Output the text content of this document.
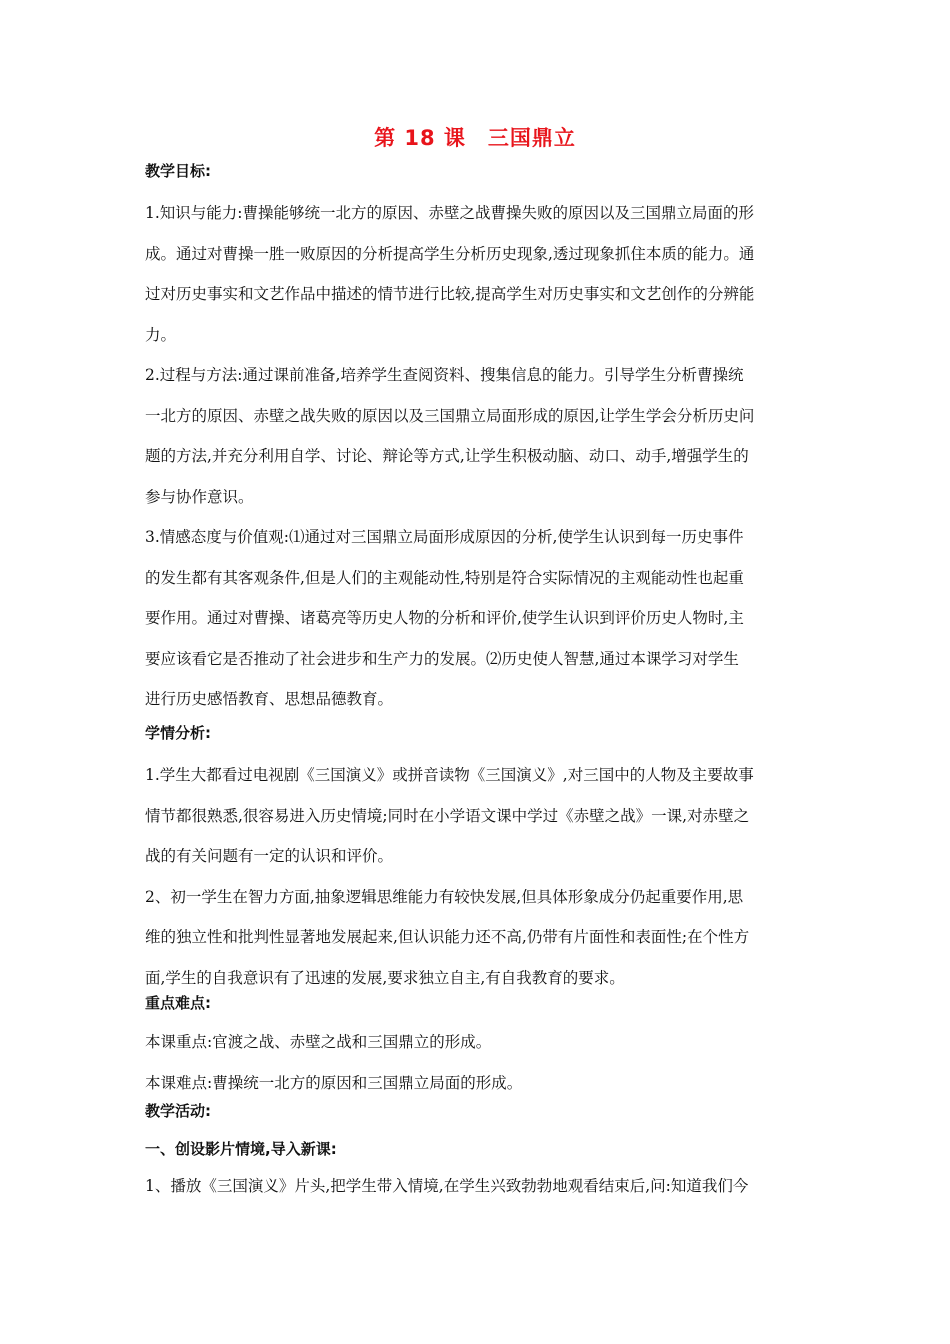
第 18 课 三国鼎立
教学目标:
1.知识与能力:曹操能够统一北方的原因、赤壁之战曹操失败的原因以及三国鼎立局面的形
成。通过对曹操一胜一败原因的分析提高学生分析历史现象,透过现象抓住本质的能力。通
过对历史事实和文艺作品中描述的情节进行比较,提高学生对历史事实和文艺创作的分辨能
力。
2.过程与方法:通过课前准备,培养学生查阅资料、搜集信息的能力。引导学生分析曹操统
一北方的原因、赤壁之战失败的原因以及三国鼎立局面形成的原因,让学生学会分析历史问
题的方法,并充分利用自学、讨论、辩论等方式,让学生积极动脑、动口、动手,增强学生的
参与协作意识。
3.情感态度与价值观:⑴通过对三国鼎立局面形成原因的分析,使学生认识到每一历史事件
的发生都有其客观条件,但是人们的主观能动性,特别是符合实际情况的主观能动性也起重
要作用。通过对曹操、诸葛亮等历史人物的分析和评价,使学生认识到评价历史人物时,主
要应该看它是否推动了社会进步和生产力的发展。⑵历史使人智慧,通过本课学习对学生
进行历史感悟教育、思想品德教育。
学情分析:
1.学生大都看过电视剧《三国演义》或拼音读物《三国演义》,对三国中的人物及主要故事
情节都很熟悉,很容易进入历史情境;同时在小学语文课中学过《赤壁之战》一课,对赤壁之
战的有关问题有一定的认识和评价。
2、初一学生在智力方面,抽象逻辑思维能力有较快发展,但具体形象成分仍起重要作用,思
维的独立性和批判性显著地发展起来,但认识能力还不高,仍带有片面性和表面性;在个性方
面,学生的自我意识有了迅速的发展,要求独立自主,有自我教育的要求。
重点难点:
本课重点:官渡之战、赤壁之战和三国鼎立的形成。
本课难点:曹操统一北方的原因和三国鼎立局面的形成。
教学活动:
一、创设影片情境,导入新课:
1、播放《三国演义》片头,把学生带入情境,在学生兴致勃勃地观看结束后,问:知道我们今
